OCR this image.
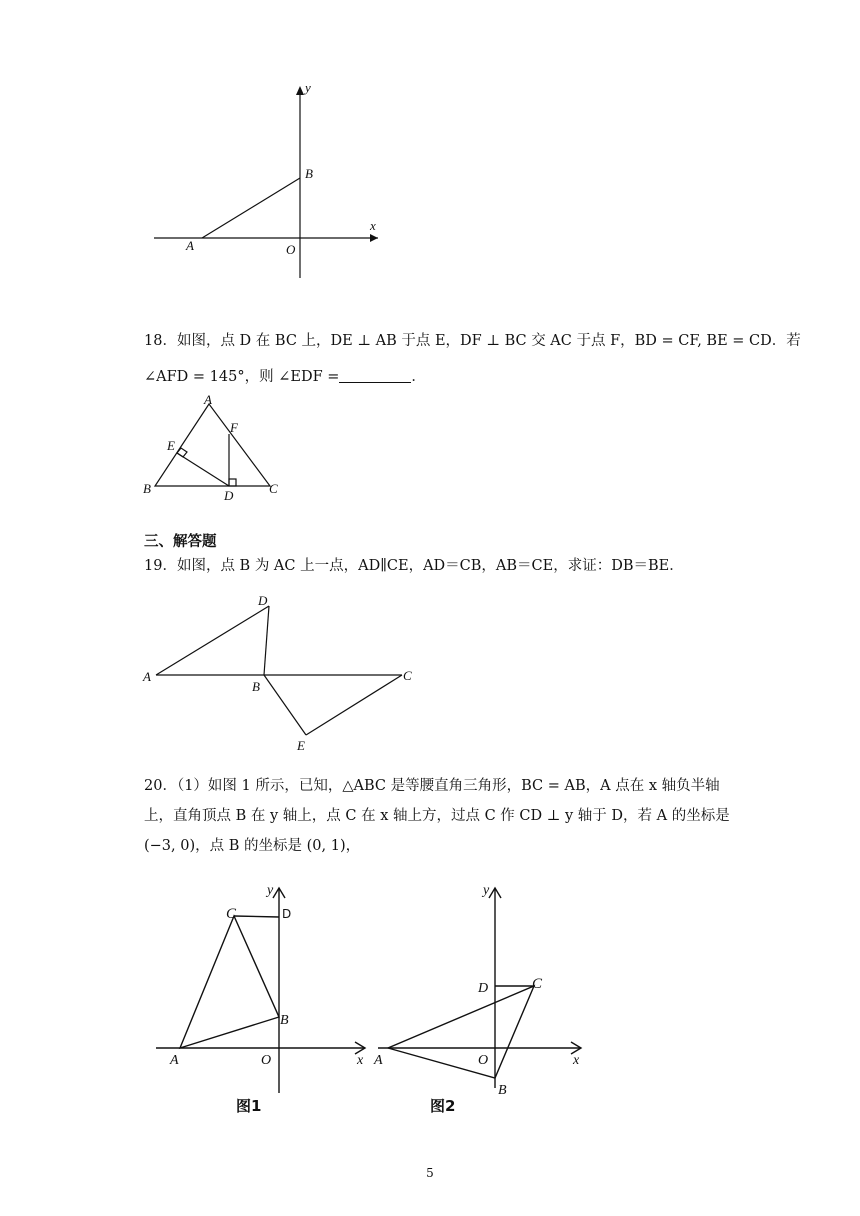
y
x
A
B
O
18．如图，点 D 在 BC 上，DE ⊥ AB 于点 E，DF ⊥ BC 交 AC 于点 F，BD = CF, BE = CD．若
∠AFD = 145°，则 ∠EDF =	．
A
B	C
D
E
F
三、解答题
19．如图，点 B 为 AC 上一点，AD∥CE，AD＝CB，AB＝CE，求证：DB＝BE．
A
B
C
D
E
20．（1）如图 1 所示，已知，△ABC 是等腰直角三角形，BC = AB，A 点在 x 轴负半轴
上，直角顶点 B 在 y 轴上，点 C 在 x 轴上方，过点 C 作 CD ⊥ y 轴于 D，若 A 的坐标是
(−3, 0)，点 B 的坐标是 (0, 1)，
y
x
A
B
C	D
O
图1
y
x
A
B
C
D
O
图2
5
